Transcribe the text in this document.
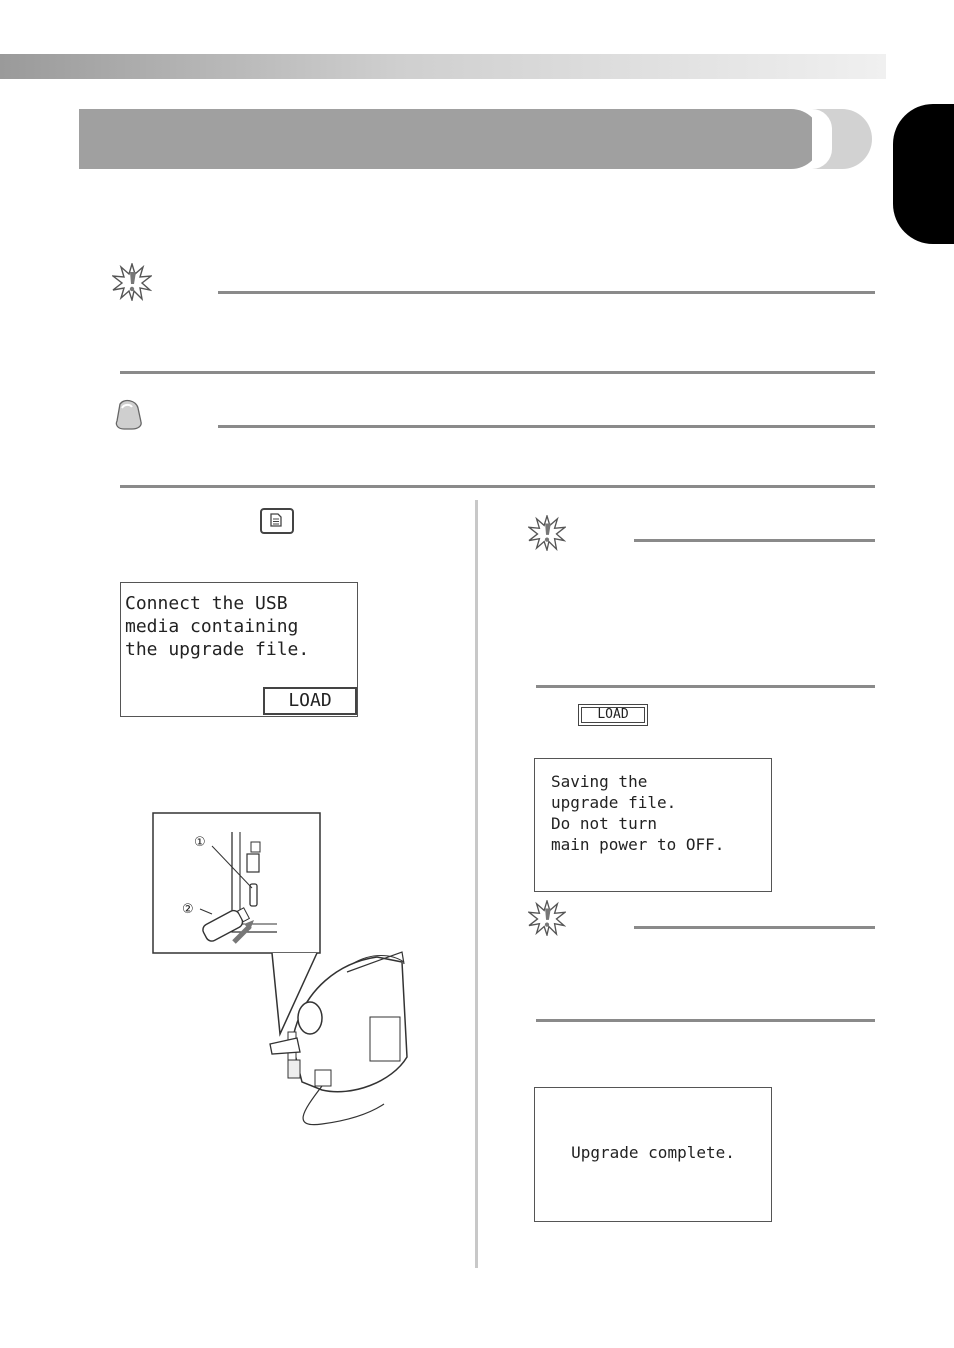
Connect the USB
media containing
the upgrade file.
LOAD
①
②
LOAD
Saving the
upgrade file.
Do not turn
main power to OFF.
Upgrade complete.
